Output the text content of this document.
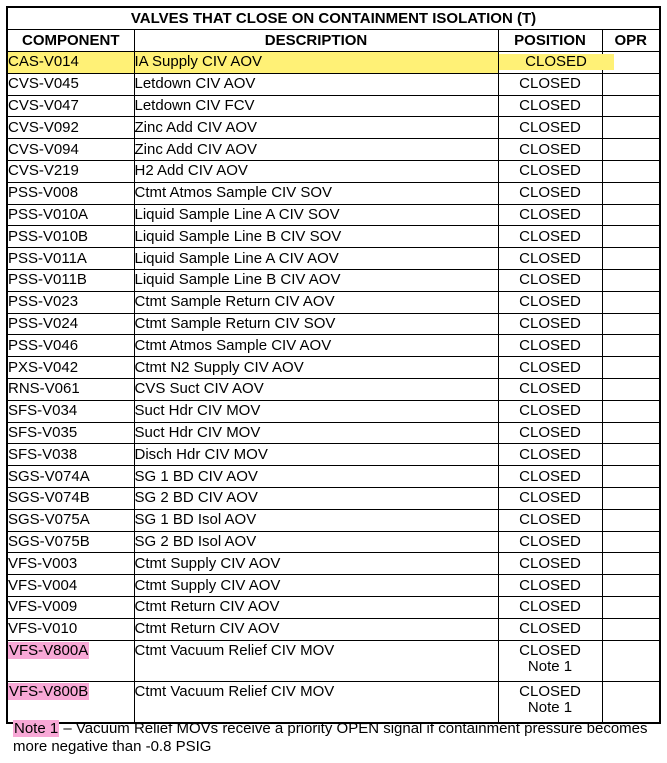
VALVES THAT CLOSE ON CONTAINMENT ISOLATION (T)			
COMPONENT	DESCRIPTION	POSITION	OPR
CAS-V014	IA Supply CIV AOV	CLOSED	

CVS-V045	Letdown CIV AOV	CLOSED	
CVS-V047	Letdown CIV FCV	CLOSED	
CVS-V092	Zinc Add CIV AOV	CLOSED	
CVS-V094	Zinc Add CIV AOV	CLOSED	
CVS-V219	H2 Add CIV AOV	CLOSED	
PSS-V008	Ctmt Atmos Sample CIV SOV	CLOSED	
PSS-V010A	Liquid Sample Line A CIV SOV	CLOSED	
PSS-V010B	Liquid Sample Line B CIV SOV	CLOSED	
PSS-V011A	Liquid Sample Line A CIV AOV	CLOSED	
PSS-V011B	Liquid Sample Line B CIV AOV	CLOSED	
PSS-V023	Ctmt Sample Return CIV AOV	CLOSED	
PSS-V024	Ctmt Sample Return CIV SOV	CLOSED	
PSS-V046	Ctmt Atmos Sample CIV AOV	CLOSED	
PXS-V042	Ctmt N2 Supply CIV AOV	CLOSED	
RNS-V061	CVS Suct CIV AOV	CLOSED	
SFS-V034	Suct Hdr CIV MOV	CLOSED	
SFS-V035	Suct Hdr CIV MOV	CLOSED	
SFS-V038	Disch Hdr CIV MOV	CLOSED	
SGS-V074A	SG 1 BD CIV AOV	CLOSED	
SGS-V074B	SG 2 BD CIV AOV	CLOSED	
SGS-V075A	SG 1 BD Isol AOV	CLOSED	
SGS-V075B	SG 2 BD Isol AOV	CLOSED	
VFS-V003	Ctmt Supply CIV AOV	CLOSED	
VFS-V004	Ctmt Supply CIV AOV	CLOSED	
VFS-V009	Ctmt Return CIV AOV	CLOSED	
VFS-V010	Ctmt Return CIV AOV	CLOSED	
VFS-V800A	Ctmt Vacuum Relief CIV MOV	CLOSED
Note 1	
VFS-V800B	Ctmt Vacuum Relief CIV MOV	CLOSED
Note 1	
Note 1 – Vacuum Relief MOVs receive a priority OPEN signal if containment pressure becomes more negative than -0.8 PSIG
